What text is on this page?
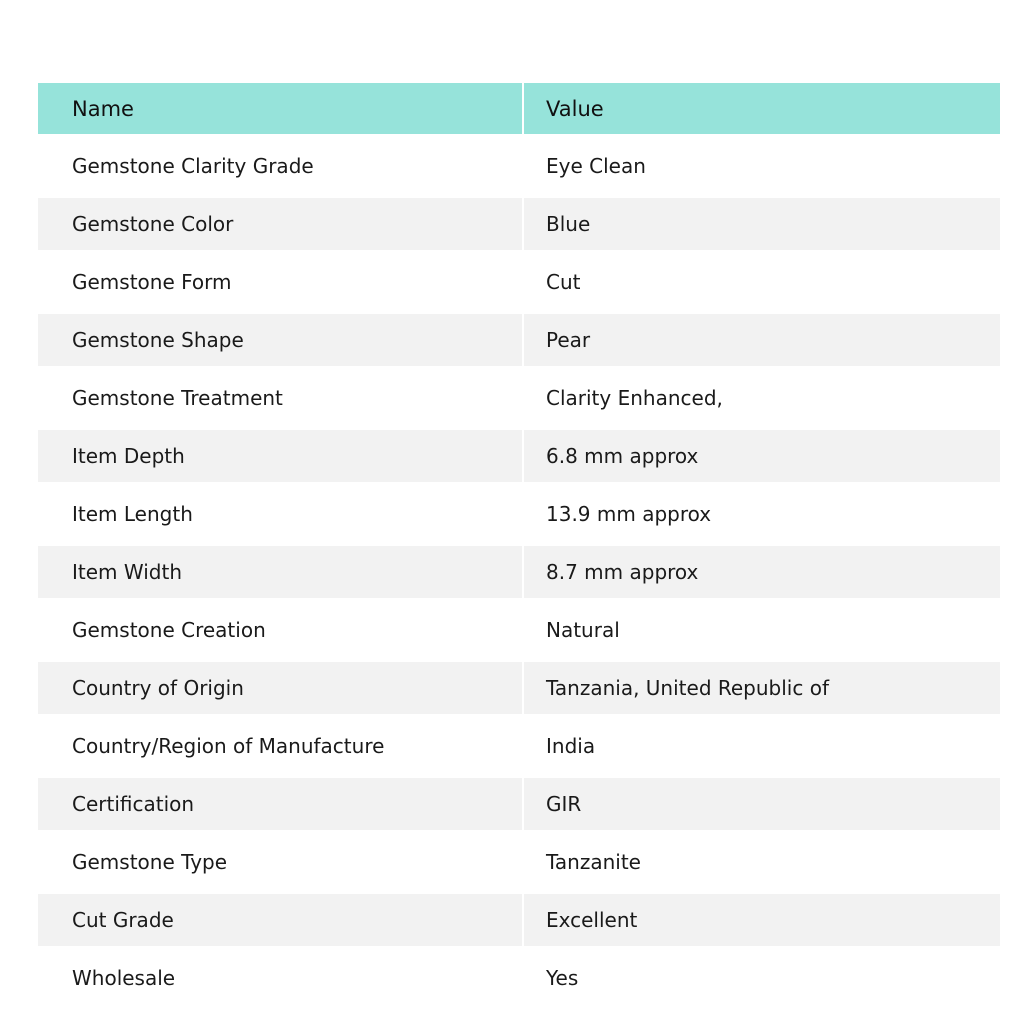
Name	Value
Gemstone Clarity Grade	Eye Clean
Gemstone Color	Blue
Gemstone Form	Cut
Gemstone Shape	Pear
Gemstone Treatment	Clarity Enhanced,
Item Depth	6.8 mm approx
Item Length	13.9 mm approx
Item Width	8.7 mm approx
Gemstone Creation	Natural
Country of Origin	Tanzania, United Republic of
Country/Region of Manufacture	India
Certification	GIR
Gemstone Type	Tanzanite
Cut Grade	Excellent
Wholesale	Yes
